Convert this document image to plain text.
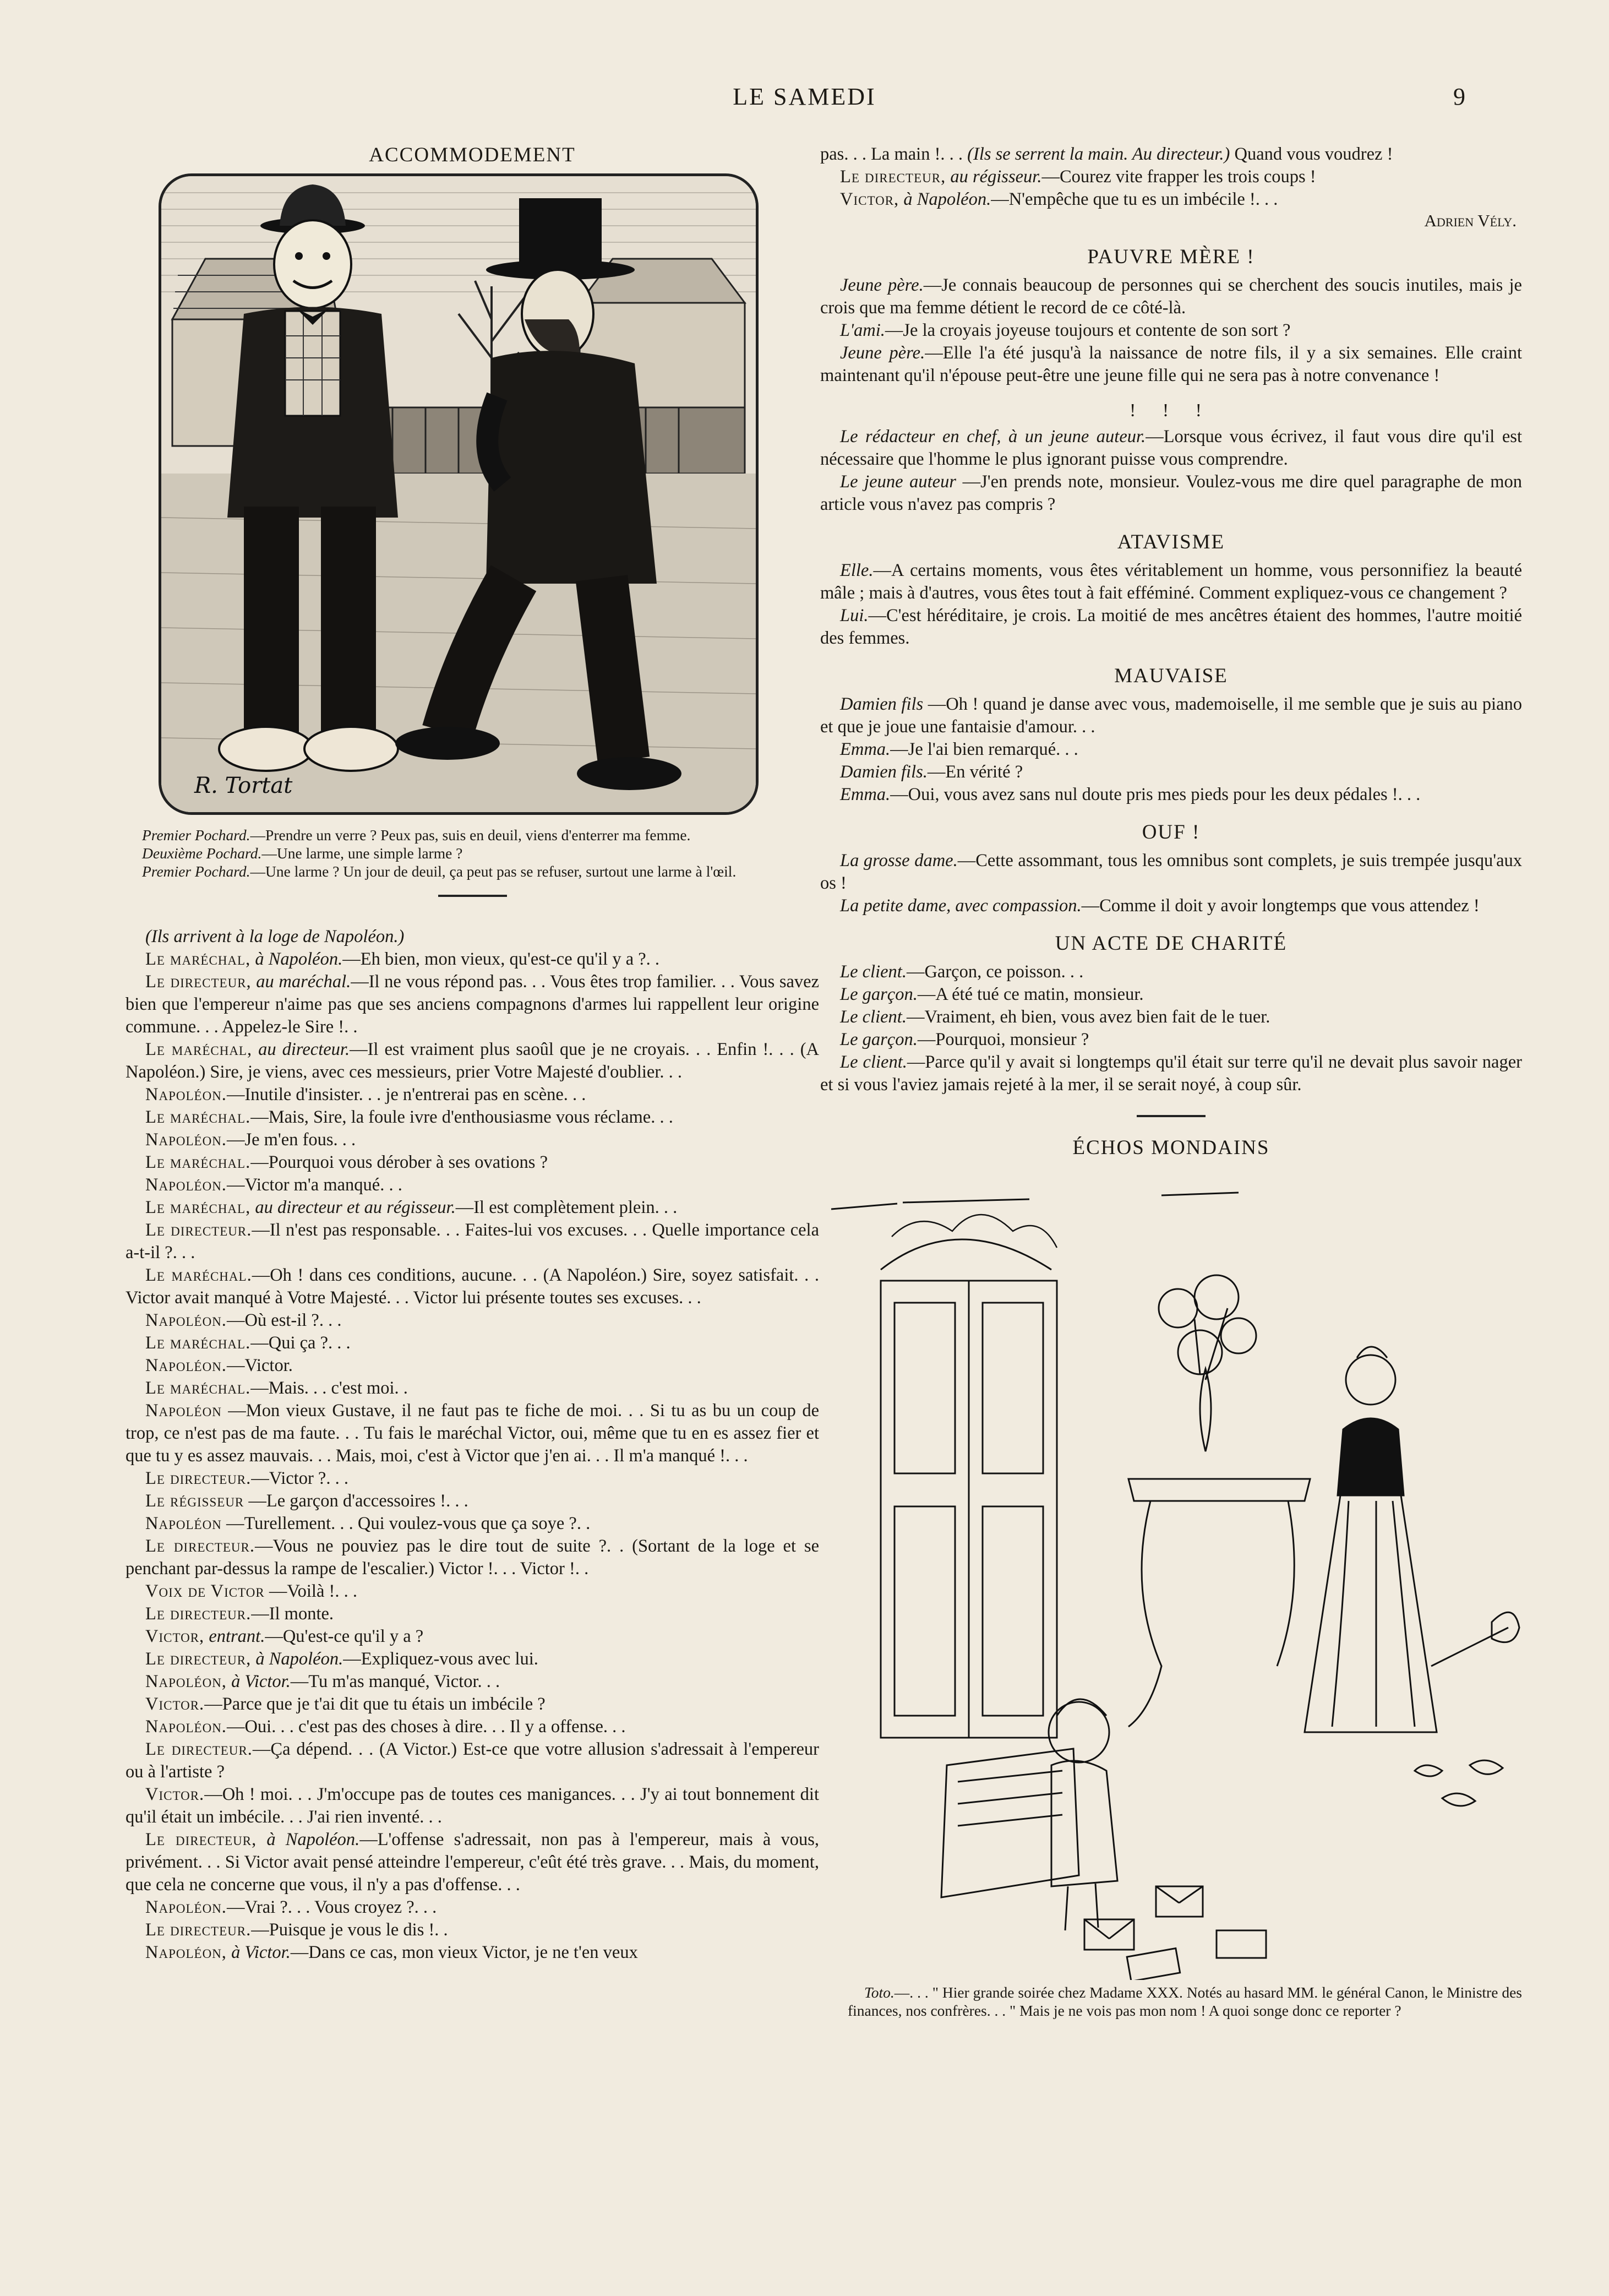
LE SAMEDI	9
ACCOMMODEMENT
R. Tortat

Premier Pochard.—Prendre un verre ? Peux pas, suis en deuil, viens d'enterrer ma femme.

Deuxième Pochard.—Une larme, une simple larme ?

Premier Pochard.—Une larme ? Un jour de deuil, ça peut pas se refuser, surtout une larme à l'œil.

(Ils arrivent à la loge de Napoléon.)

Le maréchal, à Napoléon.—Eh bien, mon vieux, qu'est-ce qu'il y a ?. .

Le directeur, au maréchal.—Il ne vous répond pas. . . Vous êtes trop familier. . . Vous savez bien que l'empereur n'aime pas que ses anciens compagnons d'armes lui rappellent leur origine commune. . . Appelez-le Sire !. .

Le maréchal, au directeur.—Il est vraiment plus saoûl que je ne croyais. . . Enfin !. . . (A Napoléon.) Sire, je viens, avec ces messieurs, prier Votre Majesté d'oublier. . .

Napoléon.—Inutile d'insister. . . je n'entrerai pas en scène. . .

Le maréchal.—Mais, Sire, la foule ivre d'enthousiasme vous réclame. . .

Napoléon.—Je m'en fous. . .

Le maréchal.—Pourquoi vous dérober à ses ovations ?

Napoléon.—Victor m'a manqué. . .

Le maréchal, au directeur et au régisseur.—Il est complètement plein. . .

Le directeur.—Il n'est pas responsable. . . Faites-lui vos excuses. . . Quelle importance cela a-t-il ?. . .

Le maréchal.—Oh ! dans ces conditions, aucune. . . (A Napoléon.) Sire, soyez satisfait. . . Victor avait manqué à Votre Majesté. . . Victor lui présente toutes ses excuses. . .

Napoléon.—Où est-il ?. . .

Le maréchal.—Qui ça ?. . .

Napoléon.—Victor.

Le maréchal.—Mais. . . c'est moi. .

Napoléon —Mon vieux Gustave, il ne faut pas te fiche de moi. . . Si tu as bu un coup de trop, ce n'est pas de ma faute. . . Tu fais le maréchal Victor, oui, même que tu en es assez fier et que tu y es assez mauvais. . . Mais, moi, c'est à Victor que j'en ai. . . Il m'a manqué !. . .

Le directeur.—Victor ?. . .

Le régisseur —Le garçon d'accessoires !. . .

Napoléon —Turellement. . . Qui voulez-vous que ça soye ?. .

Le directeur.—Vous ne pouviez pas le dire tout de suite ?. . (Sortant de la loge et se penchant par-dessus la rampe de l'escalier.) Victor !. . . Victor !. .

Voix de Victor —Voilà !. . .

Le directeur.—Il monte.

Victor, entrant.—Qu'est-ce qu'il y a ?

Le directeur, à Napoléon.—Expliquez-vous avec lui.

Napoléon, à Victor.—Tu m'as manqué, Victor. . .

Victor.—Parce que je t'ai dit que tu étais un imbécile ?

Napoléon.—Oui. . . c'est pas des choses à dire. . . Il y a offense. . .

Le directeur.—Ça dépend. . . (A Victor.) Est-ce que votre allusion s'adressait à l'empereur ou à l'artiste ?

Victor.—Oh ! moi. . . J'm'occupe pas de toutes ces manigances. . . J'y ai tout bonnement dit qu'il était un imbécile. . . J'ai rien inventé. . .

Le directeur, à Napoléon.—L'offense s'adressait, non pas à l'empereur, mais à vous, privément. . . Si Victor avait pensé atteindre l'empereur, c'eût été très grave. . . Mais, du moment, que cela ne concerne que vous, il n'y a pas d'offense. . .

Napoléon.—Vrai ?. . . Vous croyez ?. . .

Le directeur.—Puisque je vous le dis !. .

Napoléon, à Victor.—Dans ce cas, mon vieux Victor, je ne t'en veux

pas. . . La main !. . . (Ils se serrent la main. Au directeur.) Quand vous voudrez !

Le directeur, au régisseur.—Courez vite frapper les trois coups !

Victor, à Napoléon.—N'empêche que tu es un imbécile !. . .

Adrien Vély.
PAUVRE MÈRE !

Jeune père.—Je connais beaucoup de personnes qui se cherchent des soucis inutiles, mais je crois que ma femme détient le record de ce côté-là.

L'ami.—Je la croyais joyeuse toujours et contente de son sort ?

Jeune père.—Elle l'a été jusqu'à la naissance de notre fils, il y a six semaines. Elle craint maintenant qu'il n'épouse peut-être une jeune fille qui ne sera pas à notre convenance !

! ! !

Le rédacteur en chef, à un jeune auteur.—Lorsque vous écrivez, il faut vous dire qu'il est nécessaire que l'homme le plus ignorant puisse vous comprendre.

Le jeune auteur —J'en prends note, monsieur. Voulez-vous me dire quel paragraphe de mon article vous n'avez pas compris ?

ATAVISME

Elle.—A certains moments, vous êtes véritablement un homme, vous personnifiez la beauté mâle ; mais à d'autres, vous êtes tout à fait efféminé. Comment expliquez-vous ce changement ?

Lui.—C'est héréditaire, je crois. La moitié de mes ancêtres étaient des hommes, l'autre moitié des femmes.

MAUVAISE

Damien fils —Oh ! quand je danse avec vous, mademoiselle, il me semble que je suis au piano et que je joue une fantaisie d'amour. . .

Emma.—Je l'ai bien remarqué. . .

Damien fils.—En vérité ?

Emma.—Oui, vous avez sans nul doute pris mes pieds pour les deux pédales !. . .

OUF !

La grosse dame.—Cette assommant, tous les omnibus sont complets, je suis trempée jusqu'aux os !

La petite dame, avec compassion.—Comme il doit y avoir longtemps que vous attendez !

UN ACTE DE CHARITÉ

Le client.—Garçon, ce poisson. . .

Le garçon.—A été tué ce matin, monsieur.

Le client.—Vraiment, eh bien, vous avez bien fait de le tuer.

Le garçon.—Pourquoi, monsieur ?

Le client.—Parce qu'il y avait si longtemps qu'il était sur terre qu'il ne devait plus savoir nager et si vous l'aviez jamais rejeté à la mer, il se serait noyé, à coup sûr.

ÉCHOS MONDAINS

Toto.—. . . " Hier grande soirée chez Madame XXX. Notés au hasard MM. le général Canon, le Ministre des finances, nos confrères. . . " Mais je ne vois pas mon nom ! A quoi songe donc ce reporter ?
